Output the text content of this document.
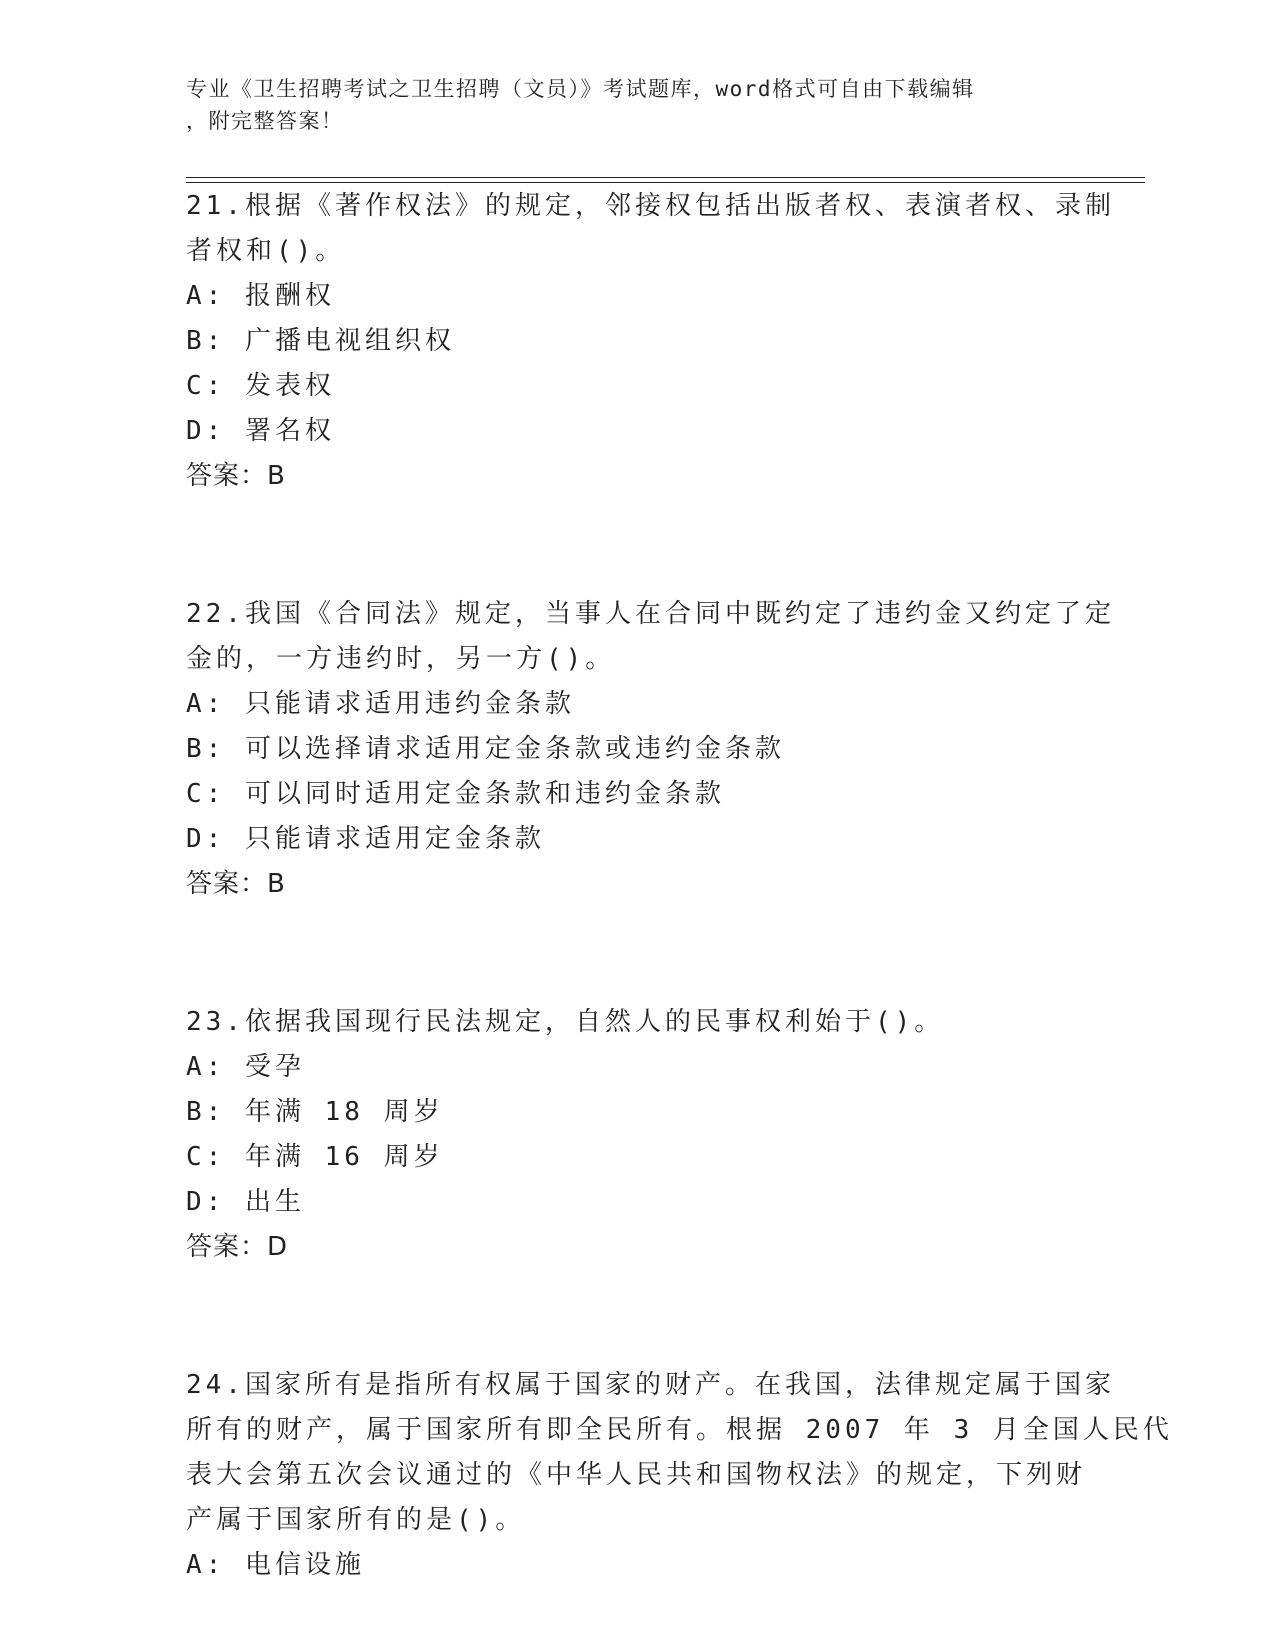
专业《卫生招聘考试之卫生招聘（文员）》考试题库，word格式可自由下载编辑
，附完整答案！
21.根据《著作权法》的规定，邻接权包括出版者权、表演者权、录制
者权和()。
A: 报酬权
B: 广播电视组织权
C: 发表权
D: 署名权
答案：B
22.我国《合同法》规定，当事人在合同中既约定了违约金又约定了定
金的，一方违约时，另一方()。
A: 只能请求适用违约金条款
B: 可以选择请求适用定金条款或违约金条款
C: 可以同时适用定金条款和违约金条款
D: 只能请求适用定金条款
答案：B
23.依据我国现行民法规定，自然人的民事权利始于()。
A: 受孕
B: 年满 18 周岁
C: 年满 16 周岁
D: 出生
答案：D
24.国家所有是指所有权属于国家的财产。在我国，法律规定属于国家
所有的财产，属于国家所有即全民所有。根据 2007 年 3 月全国人民代
表大会第五次会议通过的《中华人民共和国物权法》的规定，下列财
产属于国家所有的是()。
A: 电信设施
